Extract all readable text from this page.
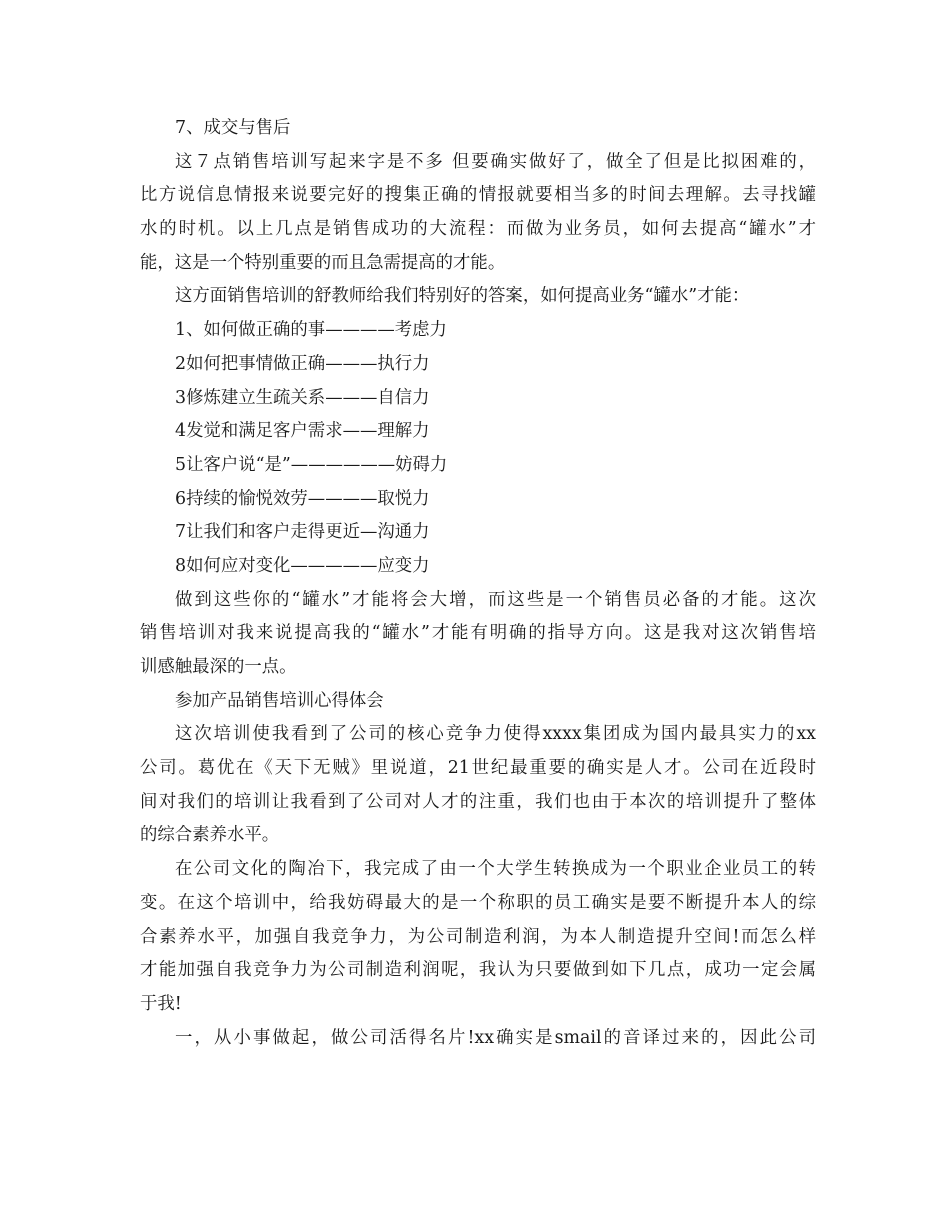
7、成交与售后
这７点销售培训写起来字是不多 但要确实做好了，做全了但是比拟困难的，
比方说信息情报来说要完好的搜集正确的情报就要相当多的时间去理解。去寻找罐
水的时机。以上几点是销售成功的大流程：而做为业务员，如何去提高“罐水”才
能，这是一个特别重要的而且急需提高的才能。
这方面销售培训的舒教师给我们特别好的答案，如何提高业务“罐水”才能：
1、如何做正确的事————考虑力
2如何把事情做正确———执行力
3修炼建立生疏关系———自信力
4发觉和满足客户需求——理解力
5让客户说“是”——————妨碍力
6持续的愉悦效劳————取悦力
7让我们和客户走得更近—沟通力
8如何应对变化—————应变力
做到这些你的“罐水”才能将会大增，而这些是一个销售员必备的才能。这次
销售培训对我来说提高我的“罐水”才能有明确的指导方向。这是我对这次销售培
训感触最深的一点。
参加产品销售培训心得体会
这次培训使我看到了公司的核心竞争力使得xxxx集团成为国内最具实力的xx
公司。葛优在《天下无贼》里说道，21世纪最重要的确实是人才。公司在近段时
间对我们的培训让我看到了公司对人才的注重，我们也由于本次的培训提升了整体
的综合素养水平。
在公司文化的陶冶下，我完成了由一个大学生转换成为一个职业企业员工的转
变。在这个培训中，给我妨碍最大的是一个称职的员工确实是要不断提升本人的综
合素养水平，加强自我竞争力，为公司制造利润，为本人制造提升空间!而怎么样
才能加强自我竞争力为公司制造利润呢，我认为只要做到如下几点，成功一定会属
于我!
一，从小事做起，做公司活得名片!xx确实是smail的音译过来的，因此公司
